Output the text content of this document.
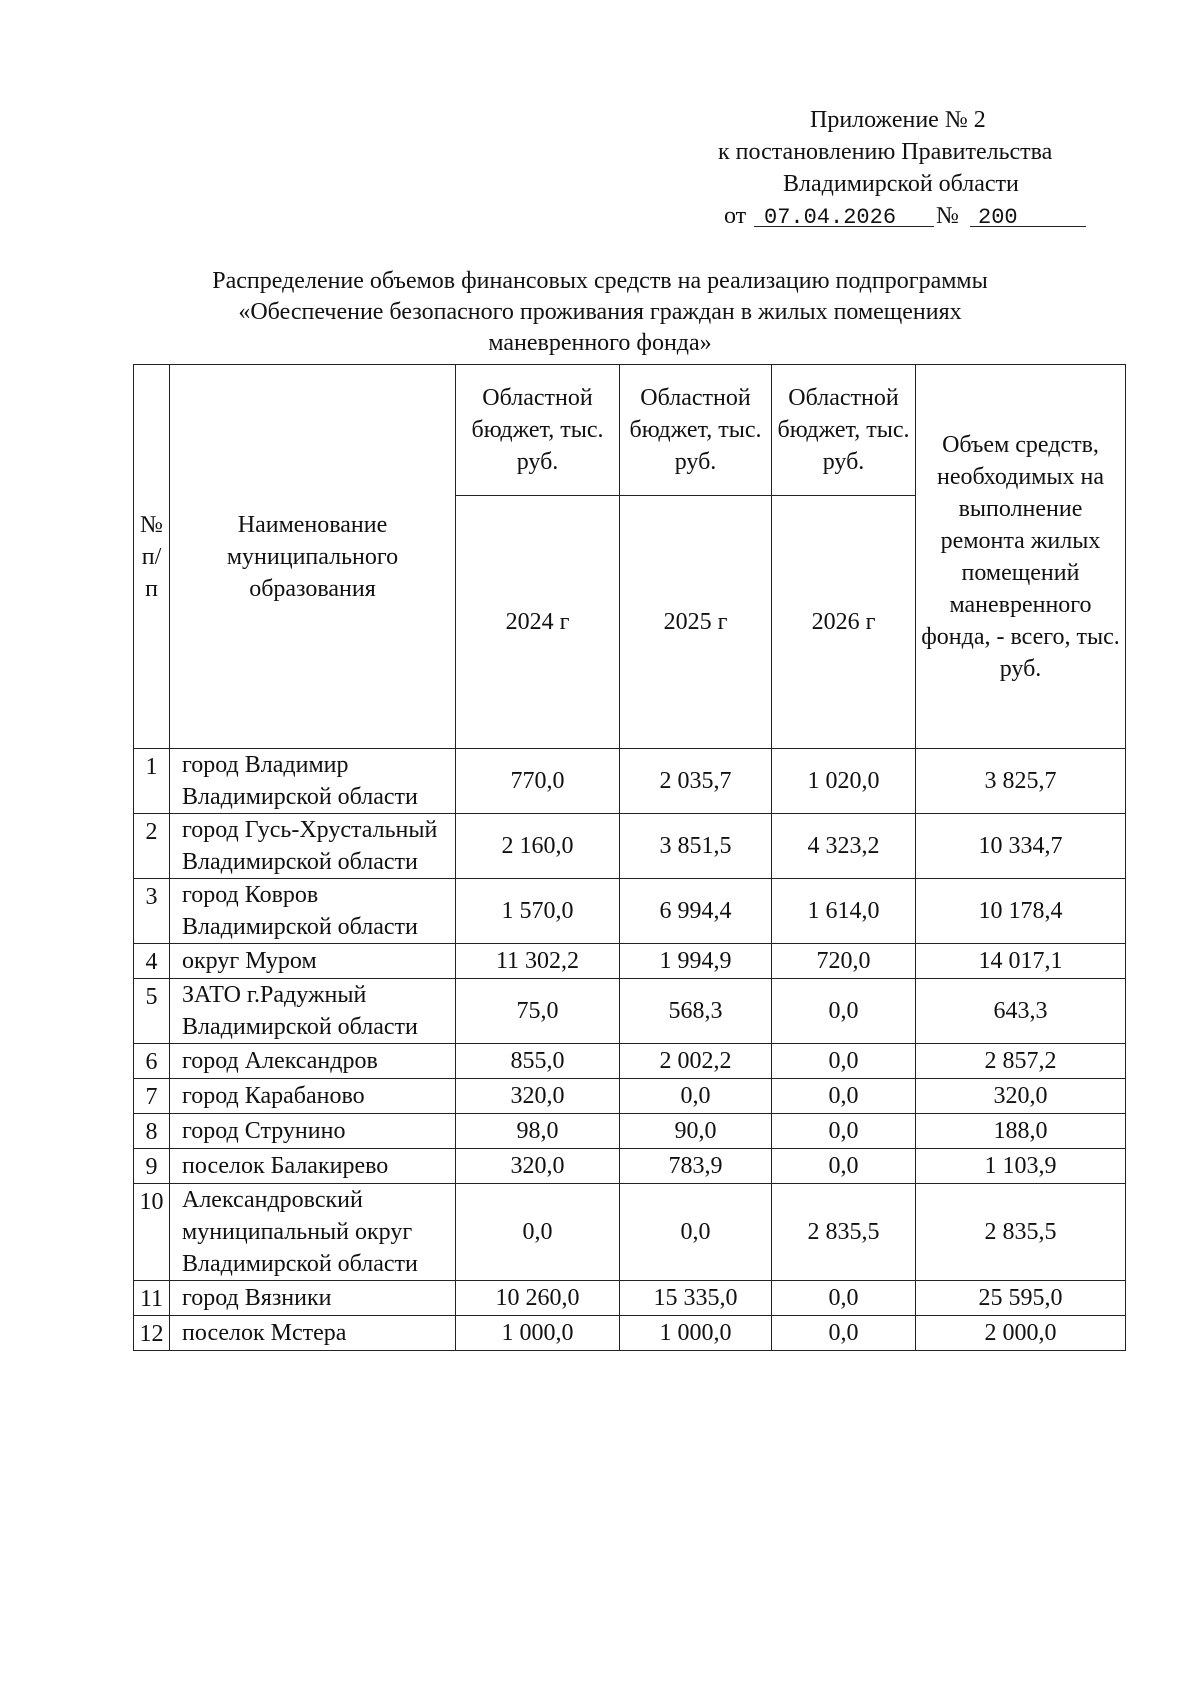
Приложение № 2
к постановлению Правительства
Владимирской области
от 07.04.2026	№ 200
Распределение объемов финансовых средств на реализацию подпрограммы
«Обеспечение безопасного проживания граждан в жилых помещениях
маневренного фонда»
№ п/п	Наименование муниципального образования	Областной бюджет, тыс. руб.	Областной бюджет, тыс. руб.	Областной бюджет, тыс. руб.	Объем средств, необходимых на выполнение ремонта жилых помещений маневренного фонда, - всего, тыс. руб.
		2024 г	2025 г	2026 г	
1	город Владимир Владимирской области	770,0	2 035,7	1 020,0	3 825,7
2	город Гусь-Хрустальный Владимирской области	2 160,0	3 851,5	4 323,2	10 334,7
3	город Ковров Владимирской области	1 570,0	6 994,4	1 614,0	10 178,4
4	округ Муром	11 302,2	1 994,9	720,0	14 017,1
5	ЗАТО г.Радужный Владимирской области	75,0	568,3	0,0	643,3
6	город Александров	855,0	2 002,2	0,0	2 857,2
7	город Карабаново	320,0	0,0	0,0	320,0
8	город Струнино	98,0	90,0	0,0	188,0
9	поселок Балакирево	320,0	783,9	0,0	1 103,9
10	Александровский муниципальный округ Владимирской области	0,0	0,0	2 835,5	2 835,5
11	город Вязники	10 260,0	15 335,0	0,0	25 595,0
12	поселок Мстера	1 000,0	1 000,0	0,0	2 000,0
